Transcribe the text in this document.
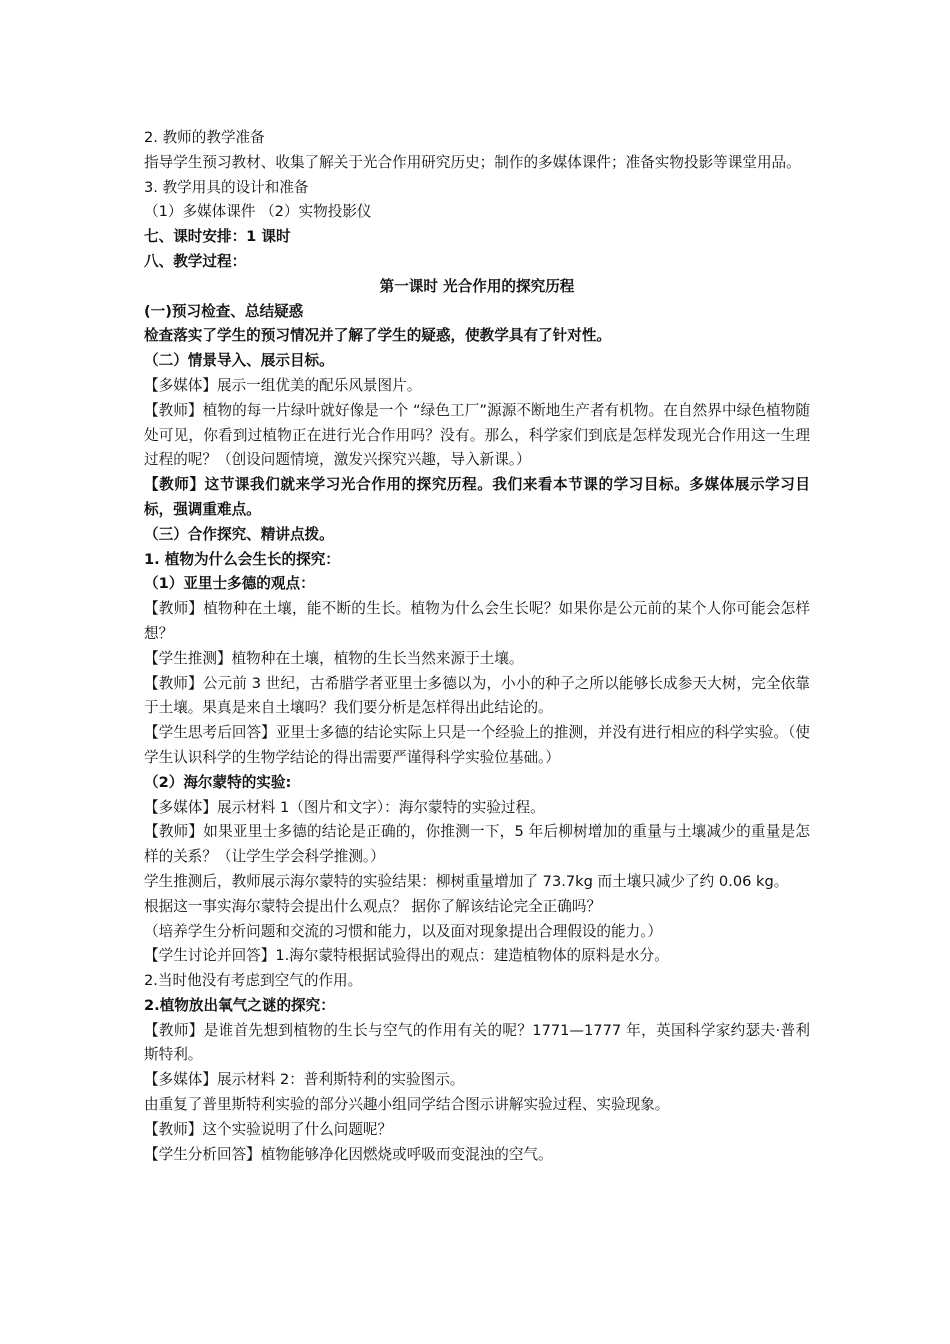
2. 教师的教学准备

指导学生预习教材、收集了解关于光合作用研究历史；制作的多媒体课件；准备实物投影等课堂用品。

3. 教学用具的设计和准备

（1）多媒体课件 （2）实物投影仪

七、课时安排：1 课时

八、教学过程：

第一课时 光合作用的探究历程

(一)预习检查、总结疑惑

检查落实了学生的预习情况并了解了学生的疑惑，使教学具有了针对性。

（二）情景导入、展示目标。

【多媒体】展示一组优美的配乐风景图片。

【教师】植物的每一片绿叶就好像是一个 “绿色工厂”源源不断地生产者有机物。在自然界中绿色植物随处可见，你看到过植物正在进行光合作用吗？没有。那么，科学家们到底是怎样发现光合作用这一生理过程的呢？（创设问题情境，激发兴探究兴趣，导入新课。）

【教师】这节课我们就来学习光合作用的探究历程。我们来看本节课的学习目标。多媒体展示学习目标，强调重难点。

（三）合作探究、精讲点拨。

1. 植物为什么会生长的探究：

（1）亚里士多德的观点：

【教师】植物种在土壤，能不断的生长。植物为什么会生长呢？如果你是公元前的某个人你可能会怎样想？

【学生推测】植物种在土壤，植物的生长当然来源于土壤。

【教师】公元前 3 世纪，古希腊学者亚里士多德以为，小小的种子之所以能够长成参天大树，完全依靠于土壤。果真是来自土壤吗？我们要分析是怎样得出此结论的。

【学生思考后回答】亚里士多德的结论实际上只是一个经验上的推测，并没有进行相应的科学实验。（使学生认识科学的生物学结论的得出需要严谨得科学实验位基础。）

（2）海尔蒙特的实验:

【多媒体】展示材料 1（图片和文字）：海尔蒙特的实验过程。

【教师】如果亚里士多德的结论是正确的，你推测一下，5 年后柳树增加的重量与土壤减少的重量是怎样的关系？（让学生学会科学推测。）

学生推测后，教师展示海尔蒙特的实验结果：柳树重量增加了 73.7kg 而土壤只减少了约 0.06 kg。

根据这一事实海尔蒙特会提出什么观点？ 据你了解该结论完全正确吗？

（培养学生分析问题和交流的习惯和能力，以及面对现象提出合理假设的能力。）

【学生讨论并回答】1.海尔蒙特根据试验得出的观点：建造植物体的原料是水分。

2.当时他没有考虑到空气的作用。

2.植物放出氧气之谜的探究：

【教师】是谁首先想到植物的生长与空气的作用有关的呢？1771—1777 年，英国科学家约瑟夫·普利斯特利。

【多媒体】展示材料 2：普利斯特利的实验图示。

由重复了普里斯特利实验的部分兴趣小组同学结合图示讲解实验过程、实验现象。

【教师】这个实验说明了什么问题呢？

【学生分析回答】植物能够净化因燃烧或呼吸而变混浊的空气。
